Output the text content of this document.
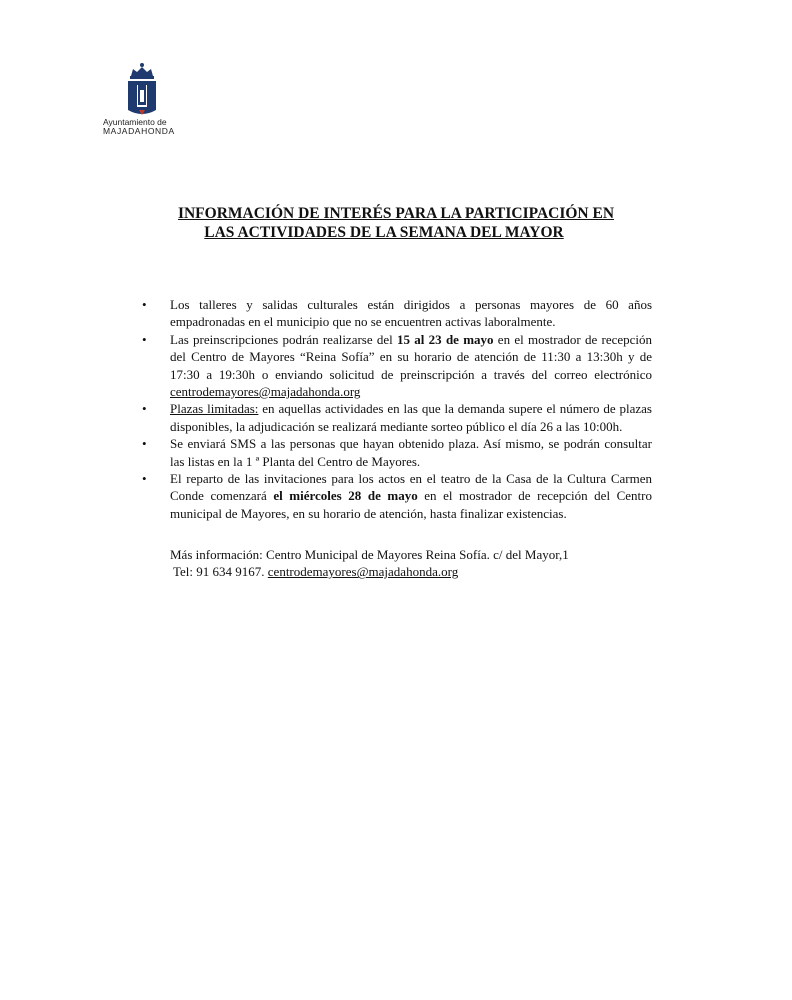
Ayuntamiento de
MAJADAHONDA
INFORMACIÓN DE INTERÉS PARA LA PARTICIPACIÓN EN
LAS ACTIVIDADES DE LA SEMANA DEL MAYOR
• Los talleres y salidas culturales están dirigidos a personas mayores de 60 años empadronadas en el municipio que no se encuentren activas laboralmente.
• Las preinscripciones podrán realizarse del 15 al 23 de mayo en el mostrador de recepción del Centro de Mayores “Reina Sofía” en su horario de atención de 11:30 a 13:30h y de 17:30 a 19:30h o enviando solicitud de preinscripción a través del correo electrónico centrodemayores@majadahonda.org
• Plazas limitadas: en aquellas actividades en las que la demanda supere el número de plazas disponibles, la adjudicación se realizará mediante sorteo público el día 26 a las 10:00h.
• Se enviará SMS a las personas que hayan obtenido plaza. Así mismo, se podrán consultar las listas en la 1 ª Planta del Centro de Mayores.
• El reparto de las invitaciones para los actos en el teatro de la Casa de la Cultura Carmen Conde comenzará el miércoles 28 de mayo en el mostrador de recepción del Centro municipal de Mayores, en su horario de atención, hasta finalizar existencias.
Más información: Centro Municipal de Mayores Reina Sofía. c/ del Mayor,1
Tel: 91 634 9167. centrodemayores@majadahonda.org
